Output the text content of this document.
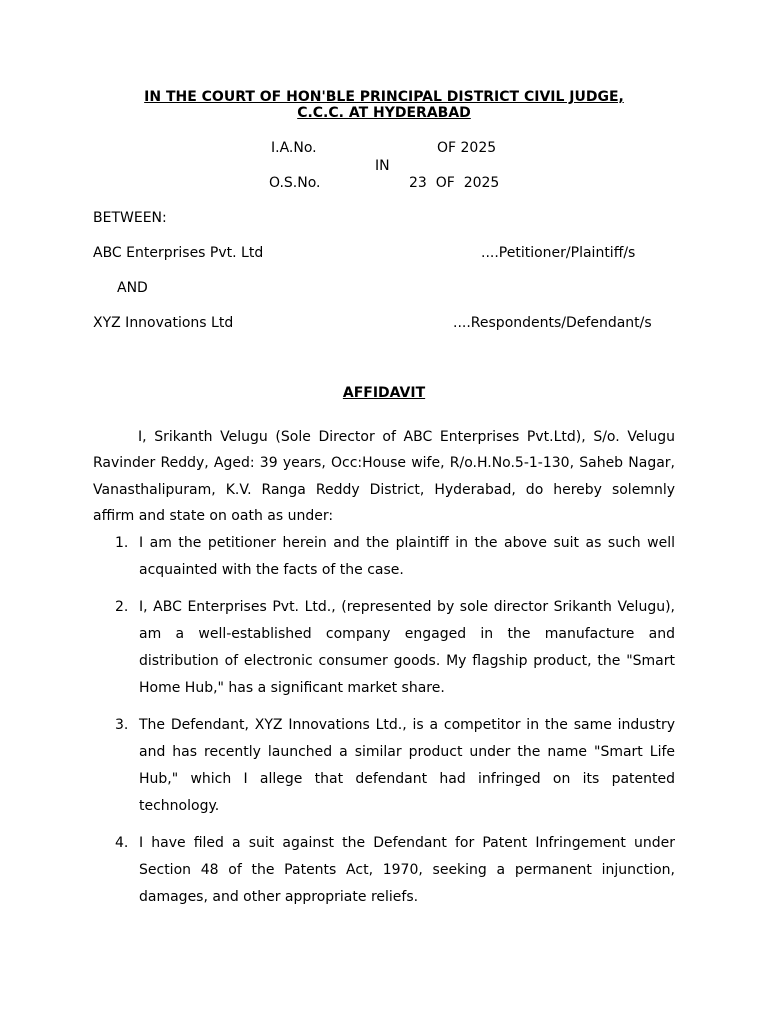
IN THE COURT OF HON'BLE PRINCIPAL DISTRICT CIVIL JUDGE,
C.C.C. AT HYDERABAD
I.A.No.	OF 2025
IN
O.S.No.	23  OF  2025
BETWEEN:
ABC Enterprises Pvt. Ltd	....Petitioner/Plaintiff/s
AND
XYZ Innovations Ltd	....Respondents/Defendant/s
AFFIDAVIT
I, Srikanth Velugu (Sole Director of ABC Enterprises Pvt.Ltd), S/o. Velugu Ravinder Reddy, Aged: 39 years, Occ:House wife, R/o.H.No.5-1-130, Saheb Nagar, Vanasthalipuram, K.V. Ranga Reddy District, Hyderabad, do hereby solemnly affirm and state on oath as under:
1. I am the petitioner herein and the plaintiff in the above suit as such well acquainted with the facts of the case.
2. I, ABC Enterprises Pvt. Ltd., (represented by sole director Srikanth Velugu), am a well-established company engaged in the manufacture and distribution of electronic consumer goods. My flagship product, the "Smart Home Hub," has a significant market share.
3. The Defendant, XYZ Innovations Ltd., is a competitor in the same industry and has recently launched a similar product under the name "Smart Life Hub," which I allege that defendant had infringed on its patented technology.
4. I have filed a suit against the Defendant for Patent Infringement under Section 48 of the Patents Act, 1970, seeking a permanent injunction, damages, and other appropriate reliefs.
